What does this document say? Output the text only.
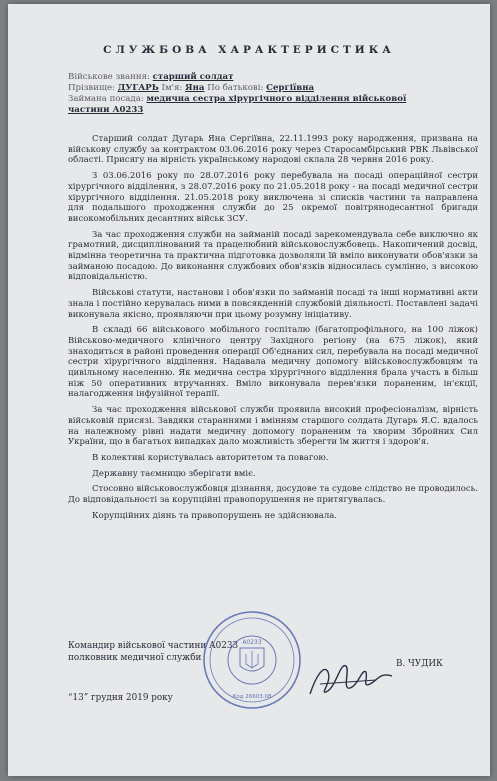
СЛУЖБОВА ХАРАКТЕРИСТИКА
Військове звання: старший солдат
Прізвище: ДУГАРЬ Ім'я: Яна По батькові: Сергіївна
Займана посада: медична сестра хірургічного відділення військової
частини А0233

Старший солдат Дугарь Яна Сергіївна, 22.11.1993 року народження, призвана на військову службу за контрактом 03.06.2016 року через Старосамбірський РВК Львівської області. Присягу на вірність українському народові склала 28 червня 2016 року.

З 03.06.2016 року по 28.07.2016 року перебувала на посаді операційної сестри хірургічного відділення, з 28.07.2016 року по 21.05.2018 року - на посаді медичної сестри хірургічного відділення. 21.05.2018 року виключена зі списків частини та направлена для подальшого проходження служби до 25 окремої повітрянодесантної бригади високомобільних десантних військ ЗСУ.

За час проходження служби на займаній посаді зарекомендувала себе виключно як грамотний, дисциплінований та працелюбний військовослужбовець. Накопичений досвід, відмінна теоретична та практична підготовка дозволяли їй вміло виконувати обов'язки за займаною посадою. До виконання службових обов'язків відносилась сумлінно, з високою відповідальністю.

Військові статути, настанови і обов'язки по займаній посаді та інші нормативні акти знала і постійно керувалась ними в повсякденній службовій діяльності. Поставлені задачі виконувала якісно, проявляючи при цьому розумну ініціативу.

В складі 66 військового мобільного госпіталю (багатопрофільного, на 100 ліжок) Військово-медичного клінічного центру Західного регіону (на 675 ліжок), який знаходиться в районі проведення операції Об'єднаних сил, перебувала на посаді медичної сестри хірургічного відділення. Надавала медичну допомогу військовослужбовцям та цивільному населенню. Як медична сестра хірургічного відділення брала участь в більш ніж 50 оперативних втручаннях. Вміло виконувала перев'язки пораненим, ін'єкції, налагодження інфузійної терапії.

За час проходження військової служби проявила високий професіоналізм, вірність військовій присязі. Завдяки стараннями і вмінням старшого солдата Дугарь Я.С. вдалось на належному рівні надати медичну допомогу пораненим та хворим Збройних Сил України, що в багатьох випадках дало можливість зберегти їм життя і здоров'я.

В колективі користувалась авторитетом та повагою.

Державну таємницю зберігати вміє.

Стосовно військовослужбовця дізнання, досудове та судове слідство не проводилось. До відповідальності за корупційні правопорушення не притягувалась.

Корупційних діянь та правопорушень не здійснювала.

Командир військової частини А0233
полковник медичної служби
В. ЧУДИК
“13” грудня 2019 року
А0233
Код 26603.08
